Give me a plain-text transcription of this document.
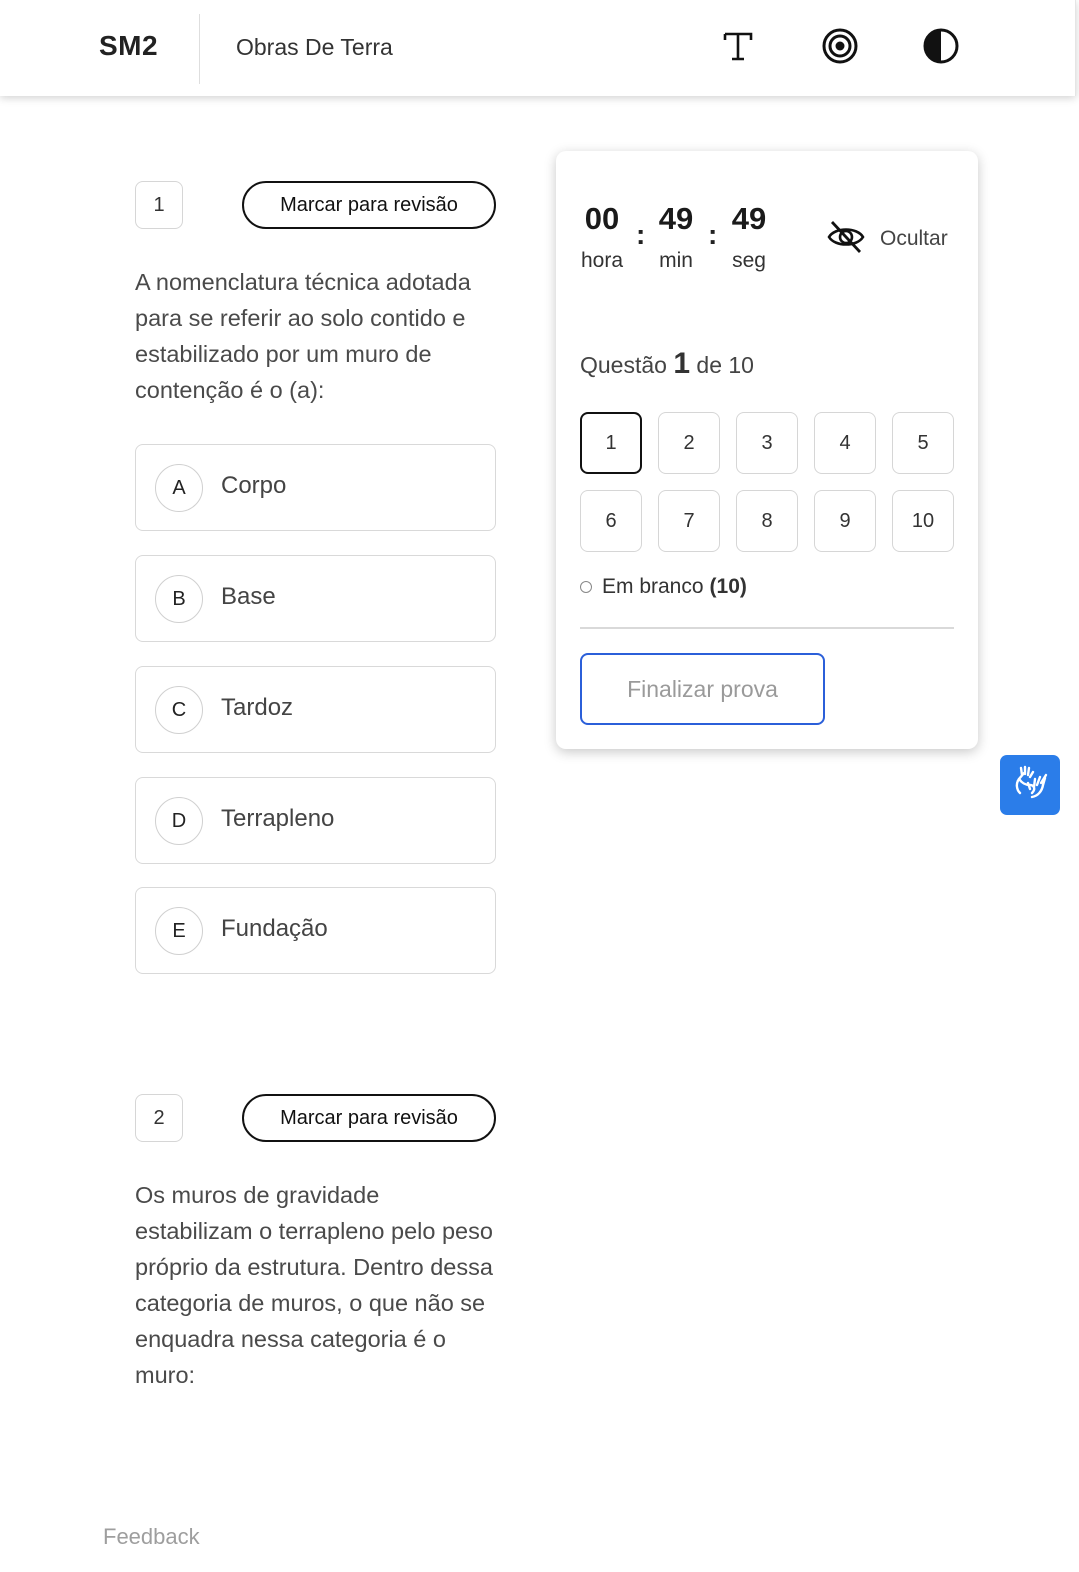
SM2	Obras De Terra
1	Marcar para revisão
A nomenclatura técnica adotada para se referir ao solo contido e estabilizado por um muro de contenção é o (a):
A	Corpo
B	Base
C	Tardoz
D	Terrapleno
E	Fundação
2	Marcar para revisão
Os muros de gravidade estabilizam o terrapleno pelo peso próprio da estrutura. Dentro dessa categoria de muros, o que não se enquadra nessa categoria é o muro:
00
hora
: 49
min
: 49
seg
Ocultar
Questão 1 de 10
1	2	3	4	5
6	7	8	9	10
Em branco (10)
Finalizar prova
Feedback
